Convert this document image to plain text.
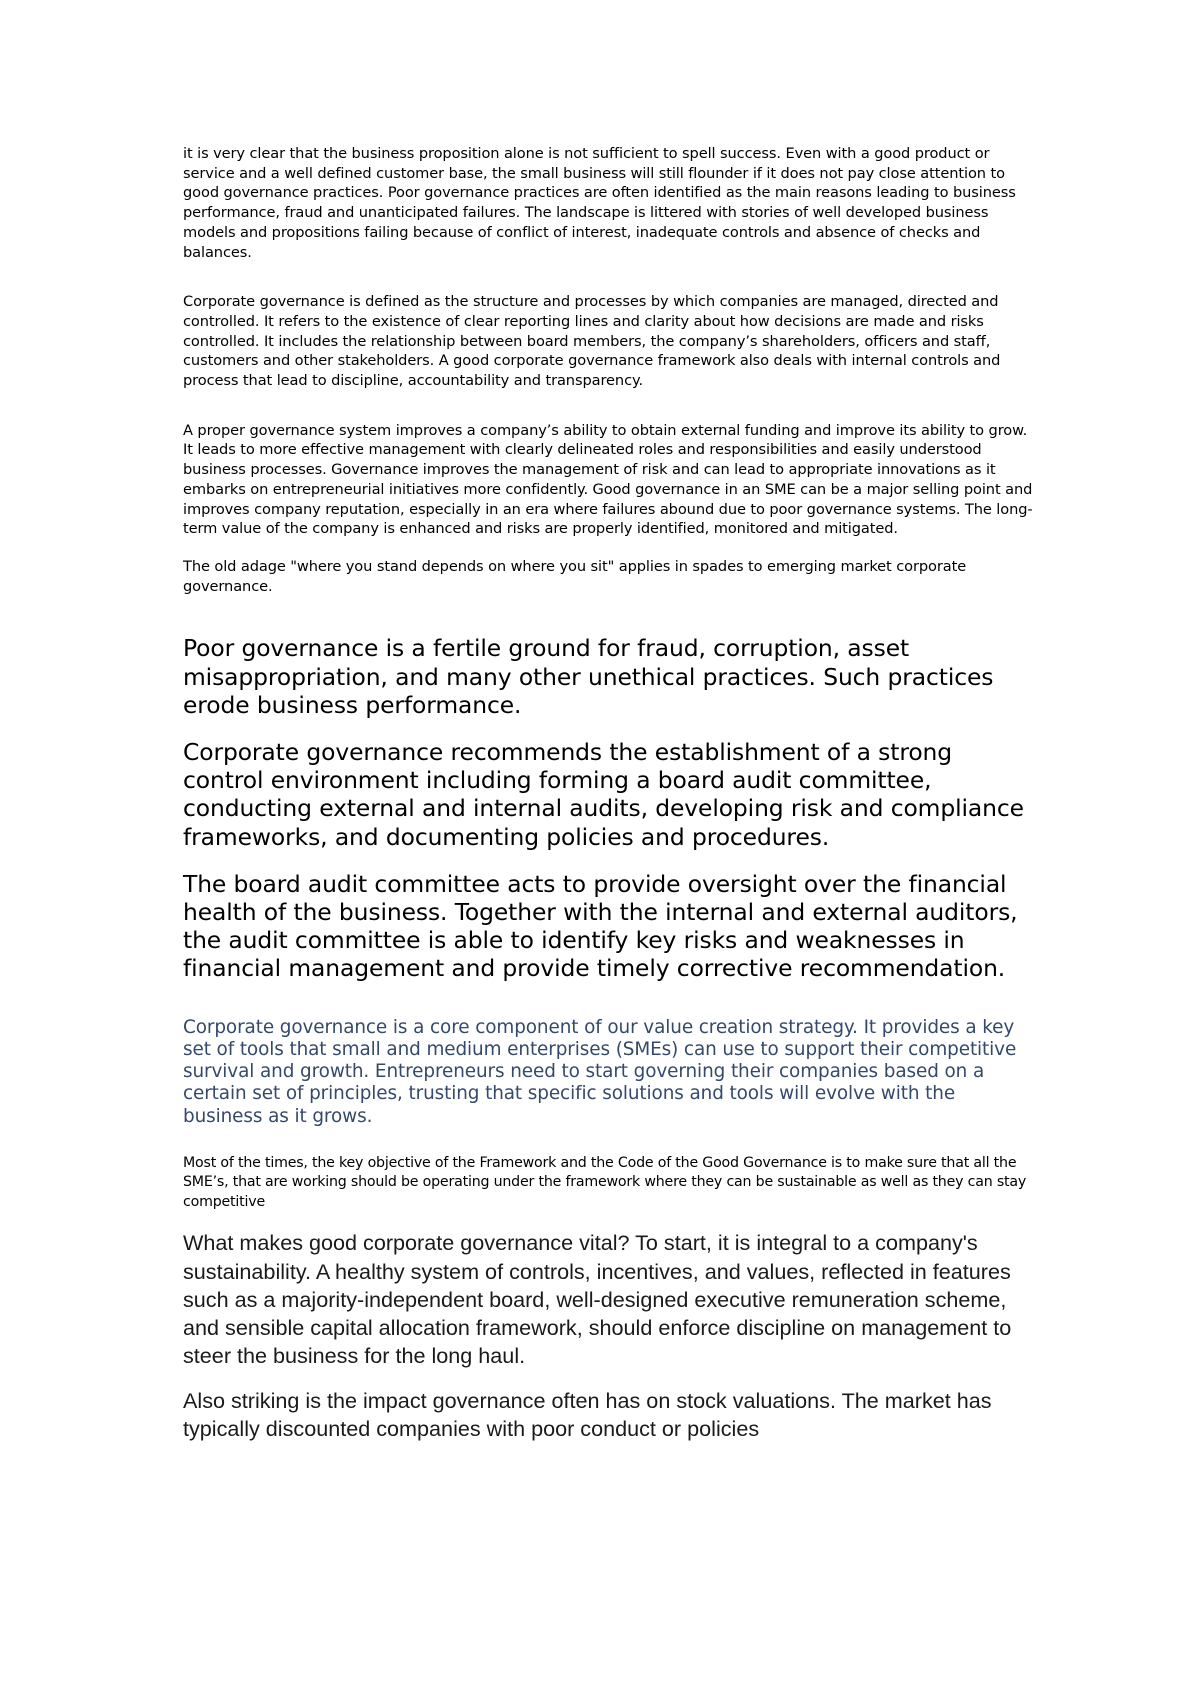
it is very clear that the business proposition alone is not sufficient to spell success. Even with a good product or service and a well defined customer base, the small business will still flounder if it does not pay close attention to good governance practices. Poor governance practices are often identified as the main reasons leading to business performance, fraud and unanticipated failures. The landscape is littered with stories of well developed business models and propositions failing because of conflict of interest, inadequate controls and absence of checks and balances.

Corporate governance is defined as the structure and processes by which companies are managed, directed and controlled. It refers to the existence of clear reporting lines and clarity about how decisions are made and risks controlled. It includes the relationship between board members, the company’s shareholders, officers and staff, customers and other stakeholders. A good corporate governance framework also deals with internal controls and process that lead to discipline, accountability and transparency.

A proper governance system improves a company’s ability to obtain external funding and improve its ability to grow. It leads to more effective management with clearly delineated roles and responsibilities and easily understood business processes. Governance improves the management of risk and can lead to appropriate innovations as it embarks on entrepreneurial initiatives more confidently. Good governance in an SME can be a major selling point and improves company reputation, especially in an era where failures abound due to poor governance systems. The long-term value of the company is enhanced and risks are properly identified, monitored and mitigated.

The old adage "where you stand depends on where you sit" applies in spades to emerging market corporate governance.

Poor governance is a fertile ground for fraud, corruption, asset misappropriation, and many other unethical practices. Such practices erode business performance.

Corporate governance recommends the establishment of a strong control environment including forming a board audit committee, conducting external and internal audits, developing risk and compliance frameworks, and documenting policies and procedures.

The board audit committee acts to provide oversight over the financial health of the business. Together with the internal and external auditors, the audit committee is able to identify key risks and weaknesses in financial management and provide timely corrective recommendation.

Corporate governance is a core component of our value creation strategy. It provides a key set of tools that small and medium enterprises (SMEs) can use to support their competitive survival and growth. Entrepreneurs need to start governing their companies based on a certain set of principles, trusting that specific solutions and tools will evolve with the business as it grows.

Most of the times, the key objective of the Framework and the Code of the Good Governance is to make sure that all the SME’s, that are working should be operating under the framework where they can be sustainable as well as they can stay competitive

What makes good corporate governance vital? To start, it is integral to a company's sustainability. A healthy system of controls, incentives, and values, reflected in features such as a majority-independent board, well-designed executive remuneration scheme, and sensible capital allocation framework, should enforce discipline on management to steer the business for the long haul.

Also striking is the impact governance often has on stock valuations. The market has typically discounted companies with poor conduct or policies
